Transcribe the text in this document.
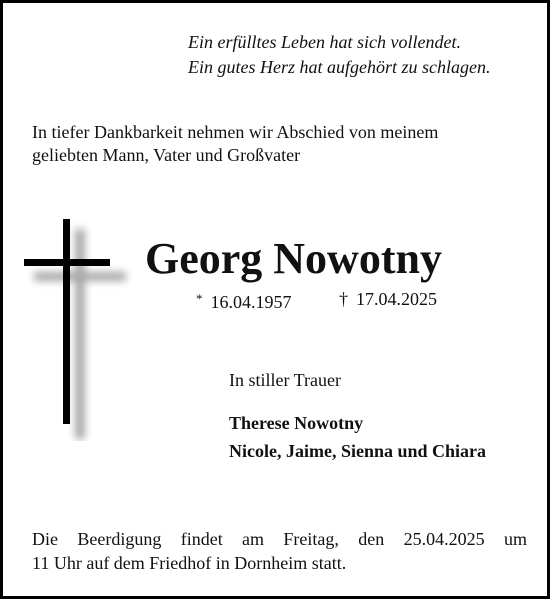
Ein erfülltes Leben hat sich vollendet.
Ein gutes Herz hat aufgehört zu schlagen.
In tiefer Dankbarkeit nehmen wir Abschied von meinem
geliebten Mann, Vater und Großvater
Georg Nowotny
* 16.04.1957	† 17.04.2025
In stiller Trauer
Therese Nowotny
Nicole, Jaime, Sienna und Chiara
Die Beerdigung findet am Freitag, den 25.04.2025 um
11 Uhr auf dem Friedhof in Dornheim statt.
